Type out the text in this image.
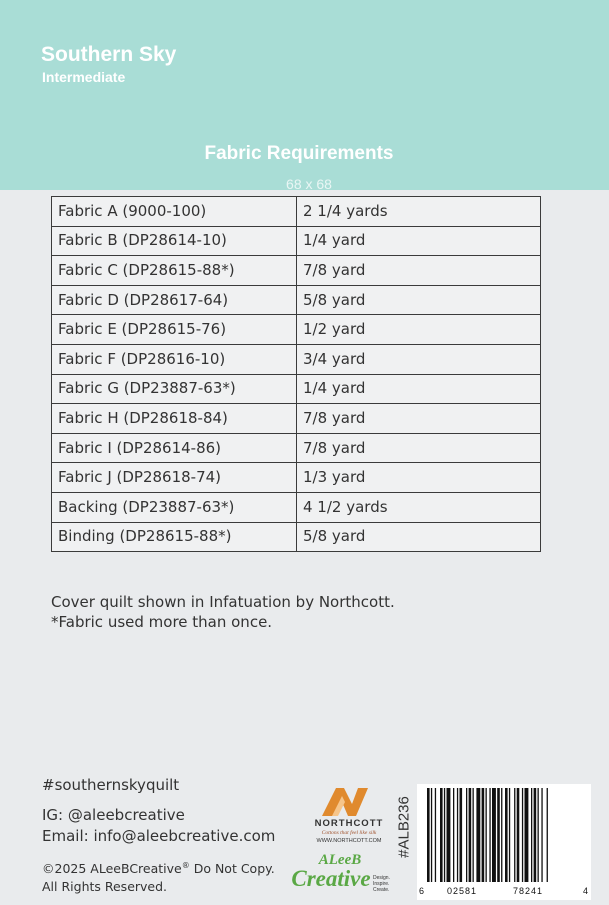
Southern Sky
Intermediate
Fabric Requirements
68 x 68
Fabric A (9000-100)	2 1/4 yards
Fabric B (DP28614-10)	1/4 yard
Fabric C (DP28615-88*)	7/8 yard
Fabric D (DP28617-64)	5/8 yard
Fabric E (DP28615-76)	1/2 yard
Fabric F (DP28616-10)	3/4 yard
Fabric G (DP23887-63*)	1/4 yard
Fabric H (DP28618-84)	7/8 yard
Fabric I (DP28614-86)	7/8 yard
Fabric J (DP28618-74)	1/3 yard
Backing (DP23887-63*)	4 1/2 yards
Binding (DP28615-88*)	5/8 yard
Cover quilt shown in Infatuation by Northcott.
*Fabric used more than once.
#southernskyquilt
IG: @aleebcreative
Email: info@aleebcreative.com
©2025 ALeeBCreative® Do Not Copy.
All Rights Reserved.
NORTHCOTT
Cottons that feel like silk
WWW.NORTHCOTT.COM
ALeeB
Creative Design.
Inspire.
Create.
#ALB236
6	02581	78241	4
